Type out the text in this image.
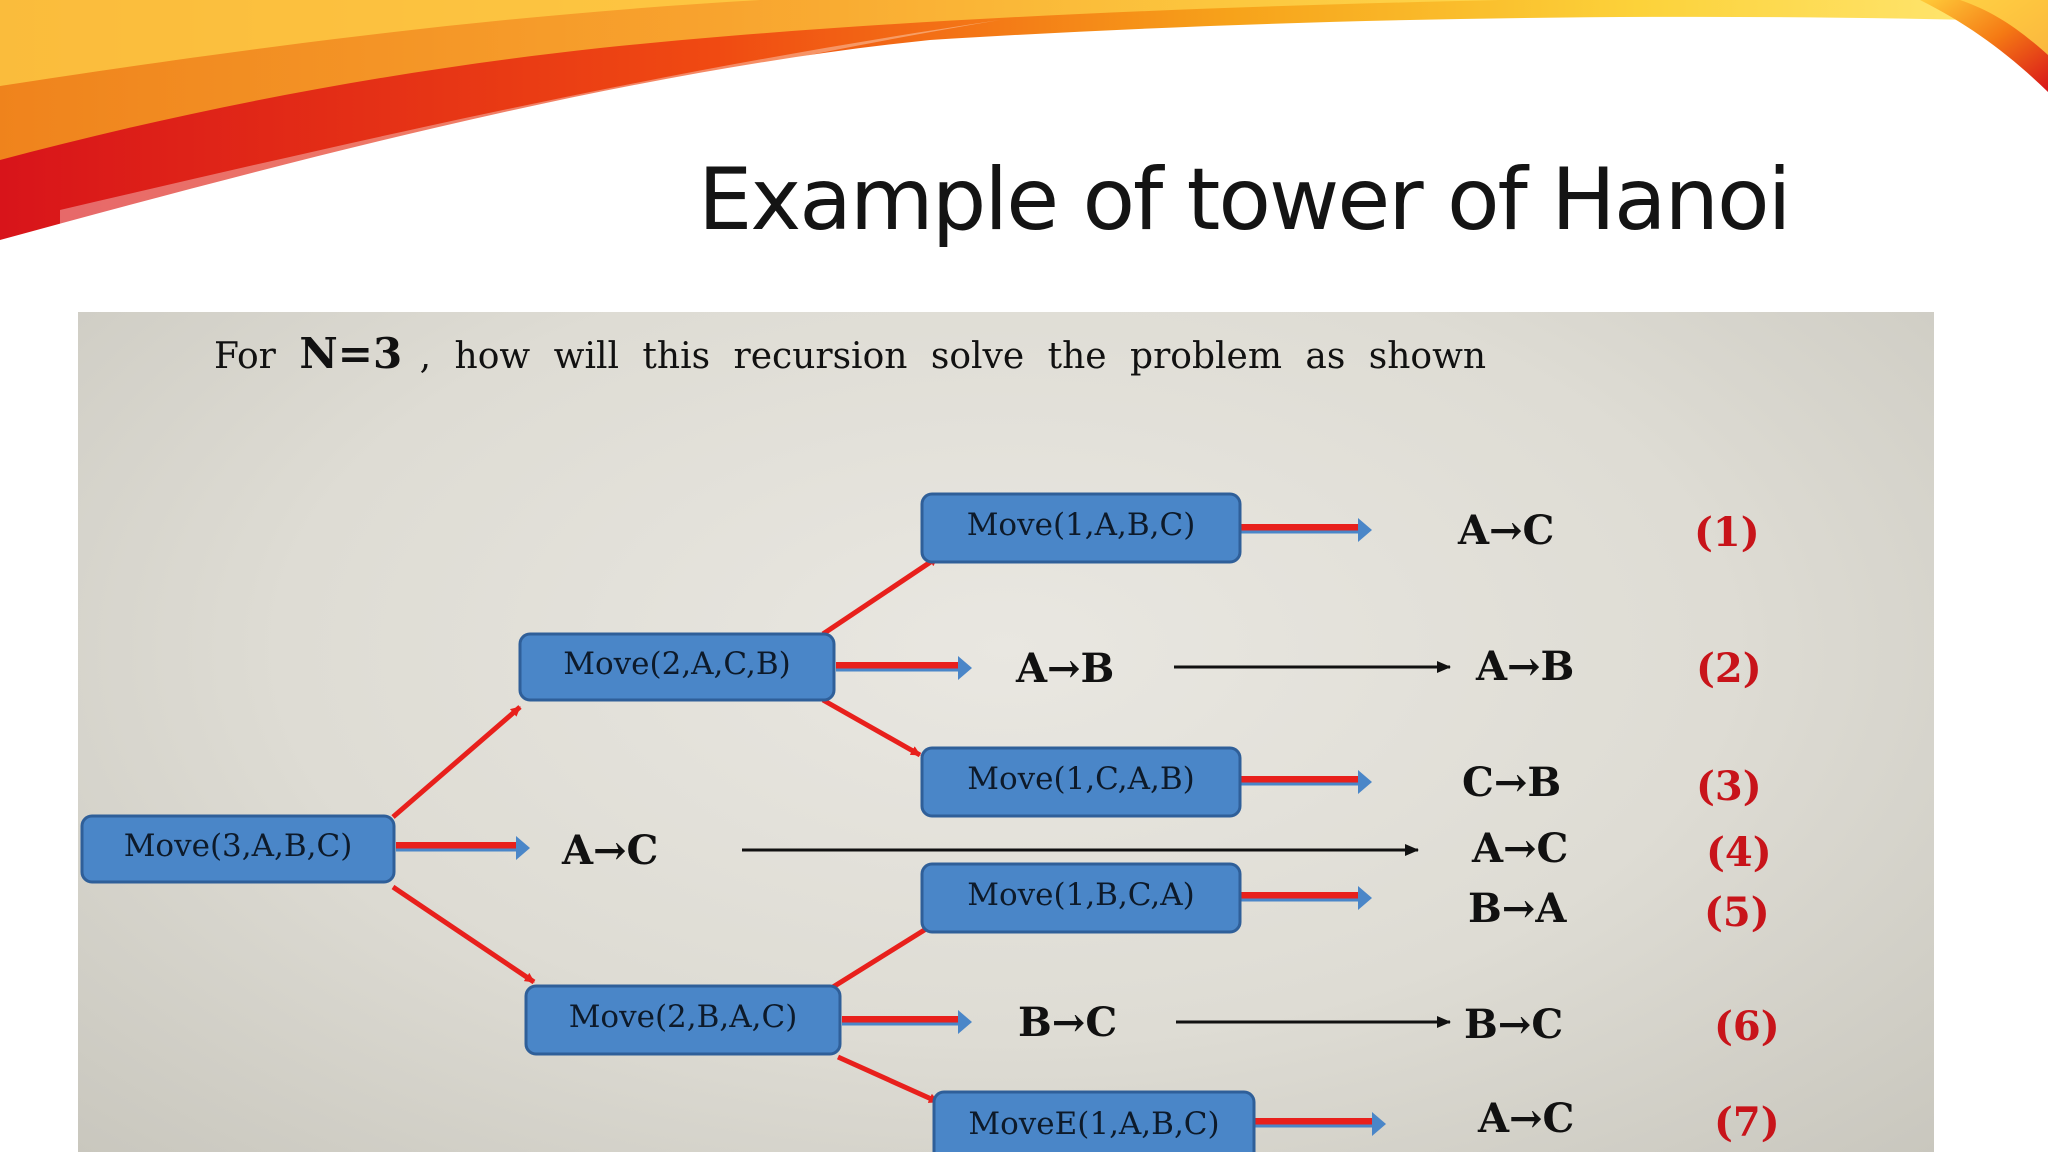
Example of tower of Hanoi
For N=3 , how will this recursion solve the problem as shown
Move(3,A,B,C)
Move(2,A,C,B)
Move(2,B,A,C)
Move(1,A,B,C)
Move(1,C,A,B)
Move(1,B,C,A)
MoveE(1,A,B,C)
A→B
A→C
B→C
A→C	(1)
A→B	(2)
C→B	(3)
A→C	(4)
B→A	(5)
B→C	(6)
A→C	(7)
